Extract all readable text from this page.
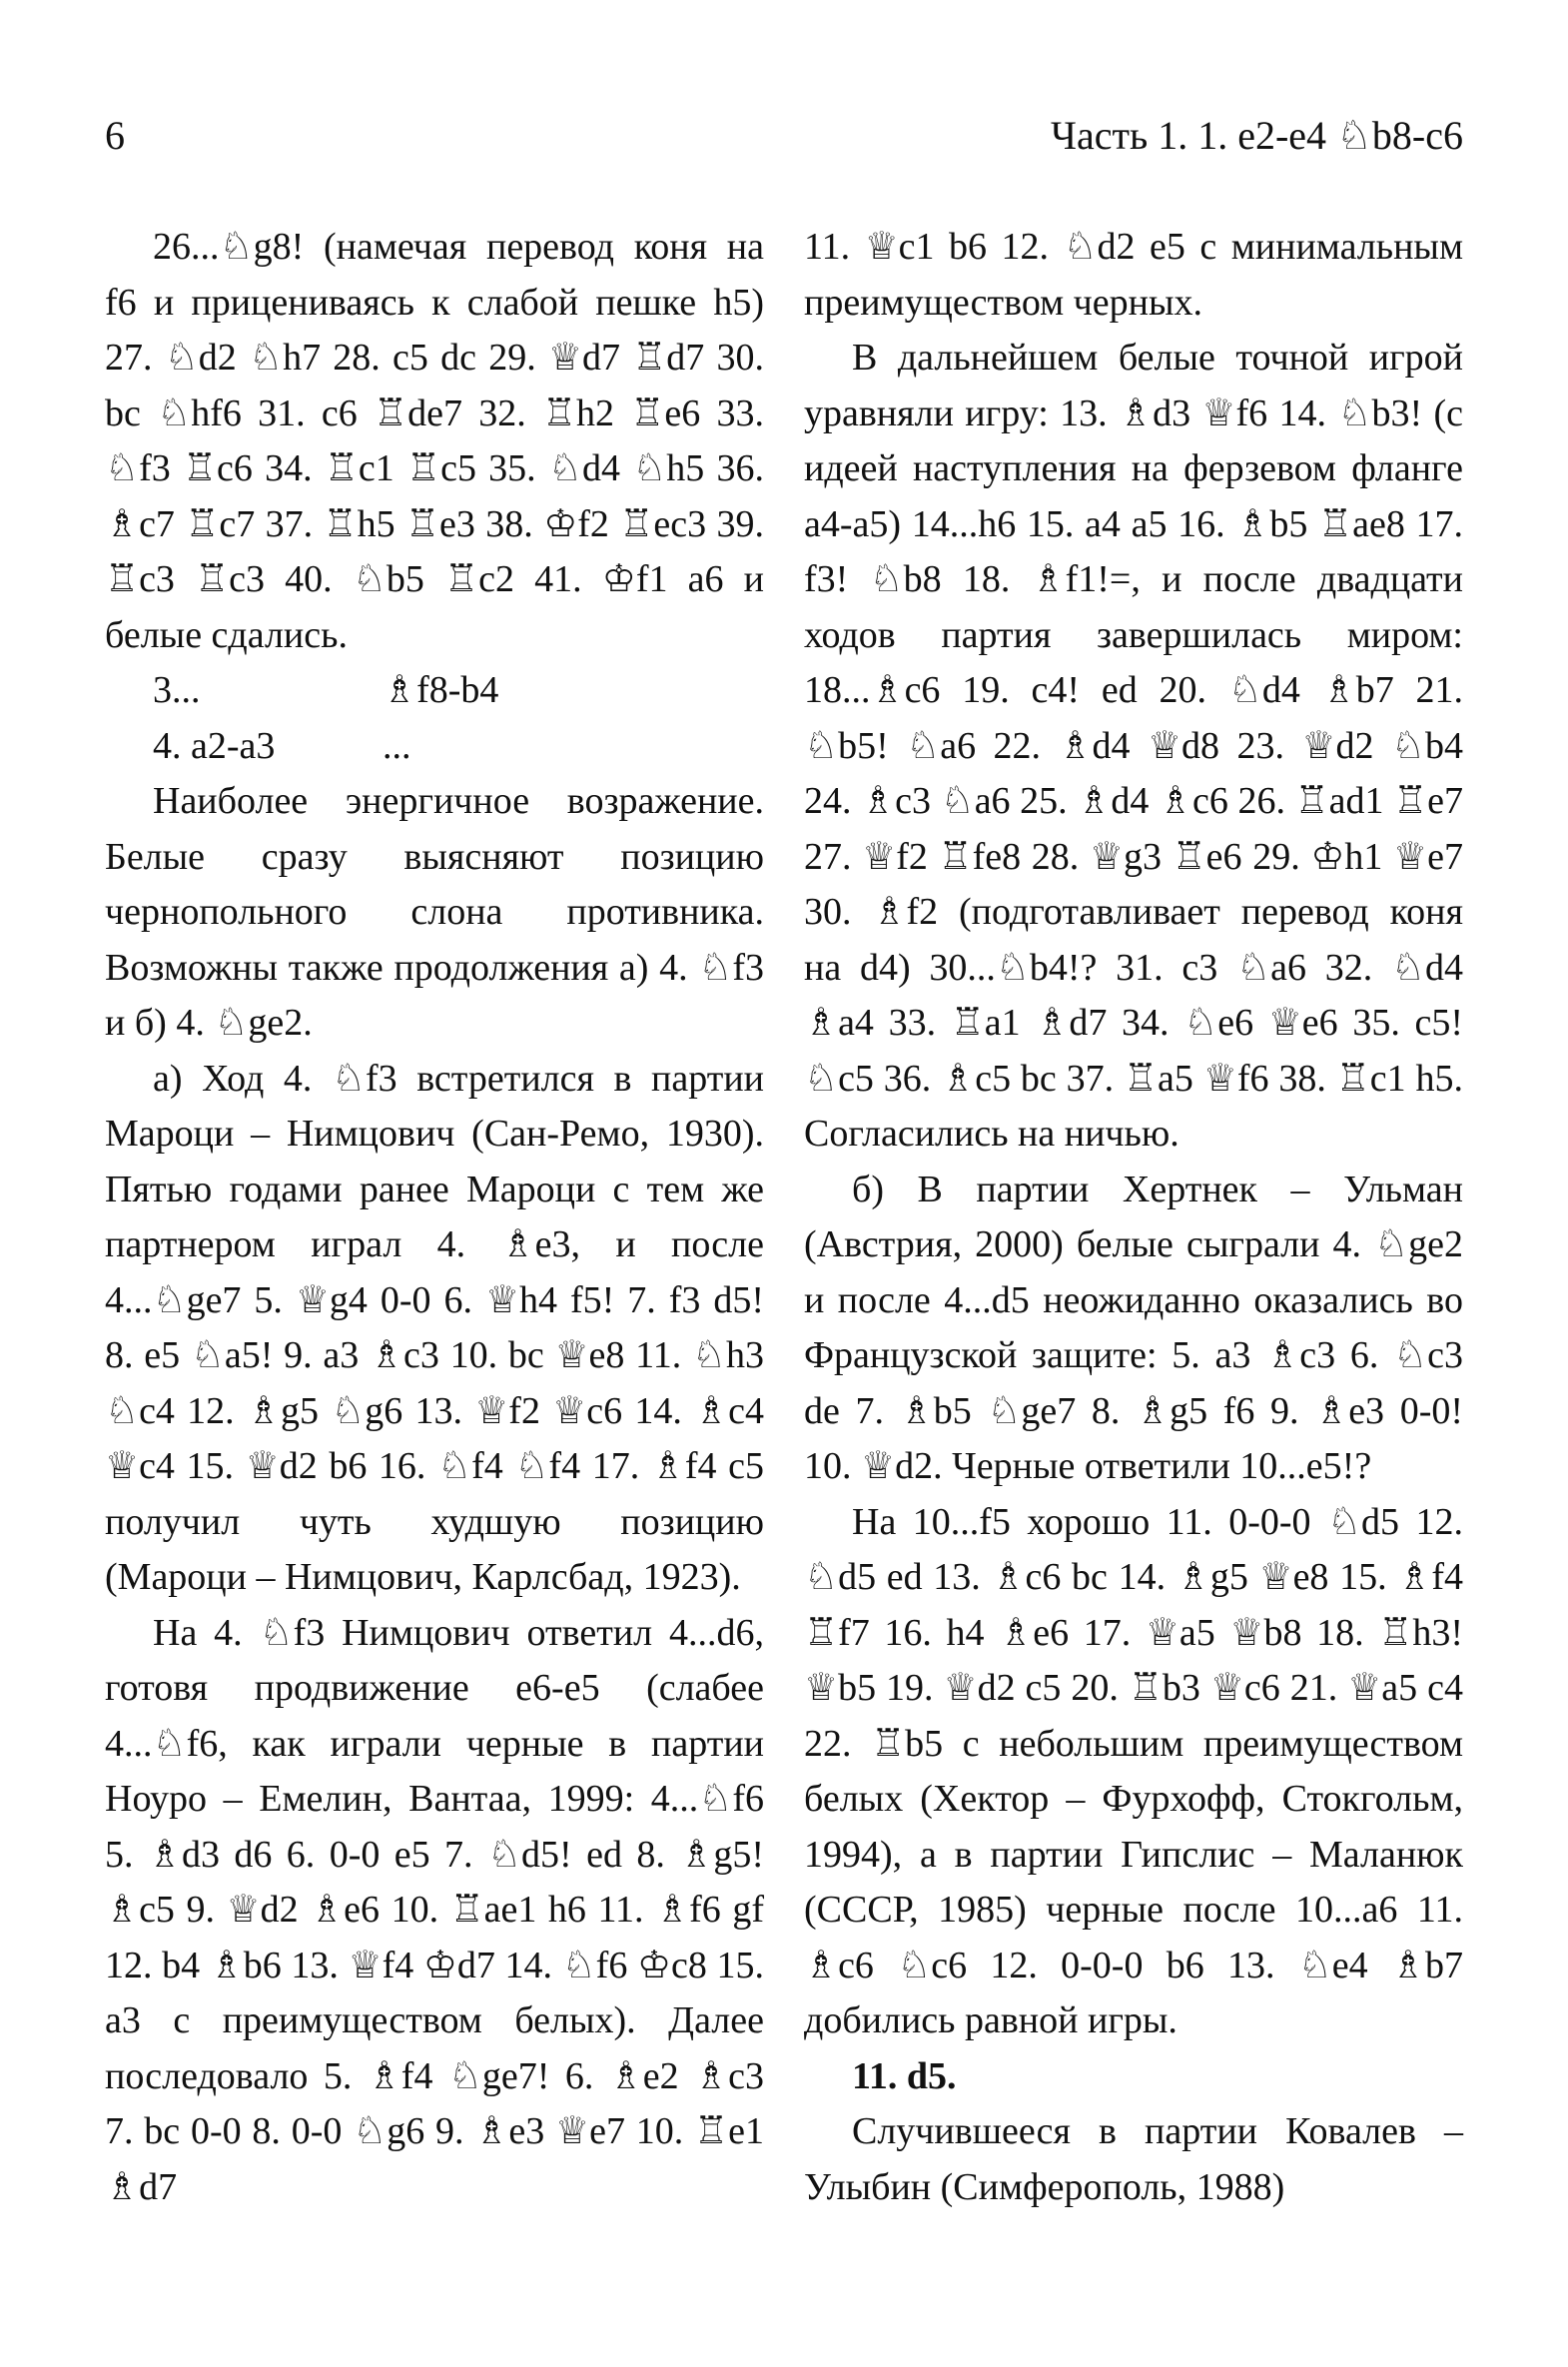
6	Часть 1. 1. e2-e4 ♘b8-c6

26...♘g8! (намечая перевод коня на f6 и прицениваясь к слабой пешке h5) 27. ♘d2 ♘h7 28. c5 dc 29. ♕d7 ♖d7 30. bc ♘hf6 31. c6 ♖de7 32. ♖h2 ♖e6 33. ♘f3 ♖c6 34. ♖c1 ♖c5 35. ♘d4 ♘h5 36. ♗c7 ♖c7 37. ♖h5 ♖e3 38. ♔f2 ♖ec3 39. ♖c3 ♖c3 40. ♘b5 ♖c2 41. ♔f1 a6 и белые сдались.

3...	♗f8-b4
4. a2-a3	...

Наиболее энергичное возражение. Белые сразу выясняют позицию чернопольного слона противника. Возможны также продолжения а) 4. ♘f3 и б) 4. ♘ge2.

а) Ход 4. ♘f3 встретился в партии Мароци – Нимцович (Сан-Ремо, 1930). Пятью годами ранее Мароци с тем же партнером играл 4. ♗e3, и после 4...♘ge7 5. ♕g4 0-0 6. ♕h4 f5! 7. f3 d5! 8. e5 ♘a5! 9. a3 ♗c3 10. bc ♕e8 11. ♘h3 ♘c4 12. ♗g5 ♘g6 13. ♕f2 ♕c6 14. ♗c4 ♕c4 15. ♕d2 b6 16. ♘f4 ♘f4 17. ♗f4 c5 получил чуть худшую позицию (Мароци – Нимцович, Карлсбад, 1923).

На 4. ♘f3 Нимцович ответил 4...d6, готовя продвижение e6-e5 (слабее 4...♘f6, как играли черные в партии Ноуро – Емелин, Вантаа, 1999: 4...♘f6 5. ♗d3 d6 6. 0-0 e5 7. ♘d5! ed 8. ♗g5! ♗c5 9. ♕d2 ♗e6 10. ♖ae1 h6 11. ♗f6 gf 12. b4 ♗b6 13. ♕f4 ♔d7 14. ♘f6 ♔c8 15. a3 с преимуществом белых). Далее последовало 5. ♗f4 ♘ge7! 6. ♗e2 ♗c3 7. bc 0-0 8. 0-0 ♘g6 9. ♗e3 ♕e7 10. ♖e1 ♗d7

11. ♕c1 b6 12. ♘d2 e5 с минимальным преимуществом черных.

В дальнейшем белые точной игрой уравняли игру: 13. ♗d3 ♕f6 14. ♘b3! (с идеей наступления на ферзевом фланге a4-a5) 14...h6 15. a4 a5 16. ♗b5 ♖ae8 17. f3! ♘b8 18. ♗f1!=, и после двадцати ходов партия завершилась миром: 18...♗c6 19. c4! ed 20. ♘d4 ♗b7 21. ♘b5! ♘a6 22. ♗d4 ♕d8 23. ♕d2 ♘b4 24. ♗c3 ♘a6 25. ♗d4 ♗c6 26. ♖ad1 ♖e7 27. ♕f2 ♖fe8 28. ♕g3 ♖e6 29. ♔h1 ♕e7 30. ♗f2 (подготавливает перевод коня на d4) 30...♘b4!? 31. c3 ♘a6 32. ♘d4 ♗a4 33. ♖a1 ♗d7 34. ♘e6 ♕e6 35. c5! ♘c5 36. ♗c5 bc 37. ♖a5 ♕f6 38. ♖c1 h5. Согласились на ничью.

б) В партии Хертнек – Ульман (Австрия, 2000) белые сыграли 4. ♘ge2 и после 4...d5 неожиданно оказались во Французской защите: 5. a3 ♗c3 6. ♘c3 de 7. ♗b5 ♘ge7 8. ♗g5 f6 9. ♗e3 0-0! 10. ♕d2. Черные ответили 10...e5!?

На 10...f5 хорошо 11. 0-0-0 ♘d5 12. ♘d5 ed 13. ♗c6 bc 14. ♗g5 ♕e8 15. ♗f4 ♖f7 16. h4 ♗e6 17. ♕a5 ♕b8 18. ♖h3! ♕b5 19. ♕d2 c5 20. ♖b3 ♕c6 21. ♕a5 c4 22. ♖b5 с небольшим преимуществом белых (Хектор – Фурхофф, Стокгольм, 1994), а в партии Гипслис – Маланюк (СССР, 1985) черные после 10...a6 11. ♗c6 ♘c6 12. 0-0-0 b6 13. ♘e4 ♗b7 добились равной игры.

11. d5.

Случившееся в партии Ковалев – Улыбин (Симферополь, 1988)
